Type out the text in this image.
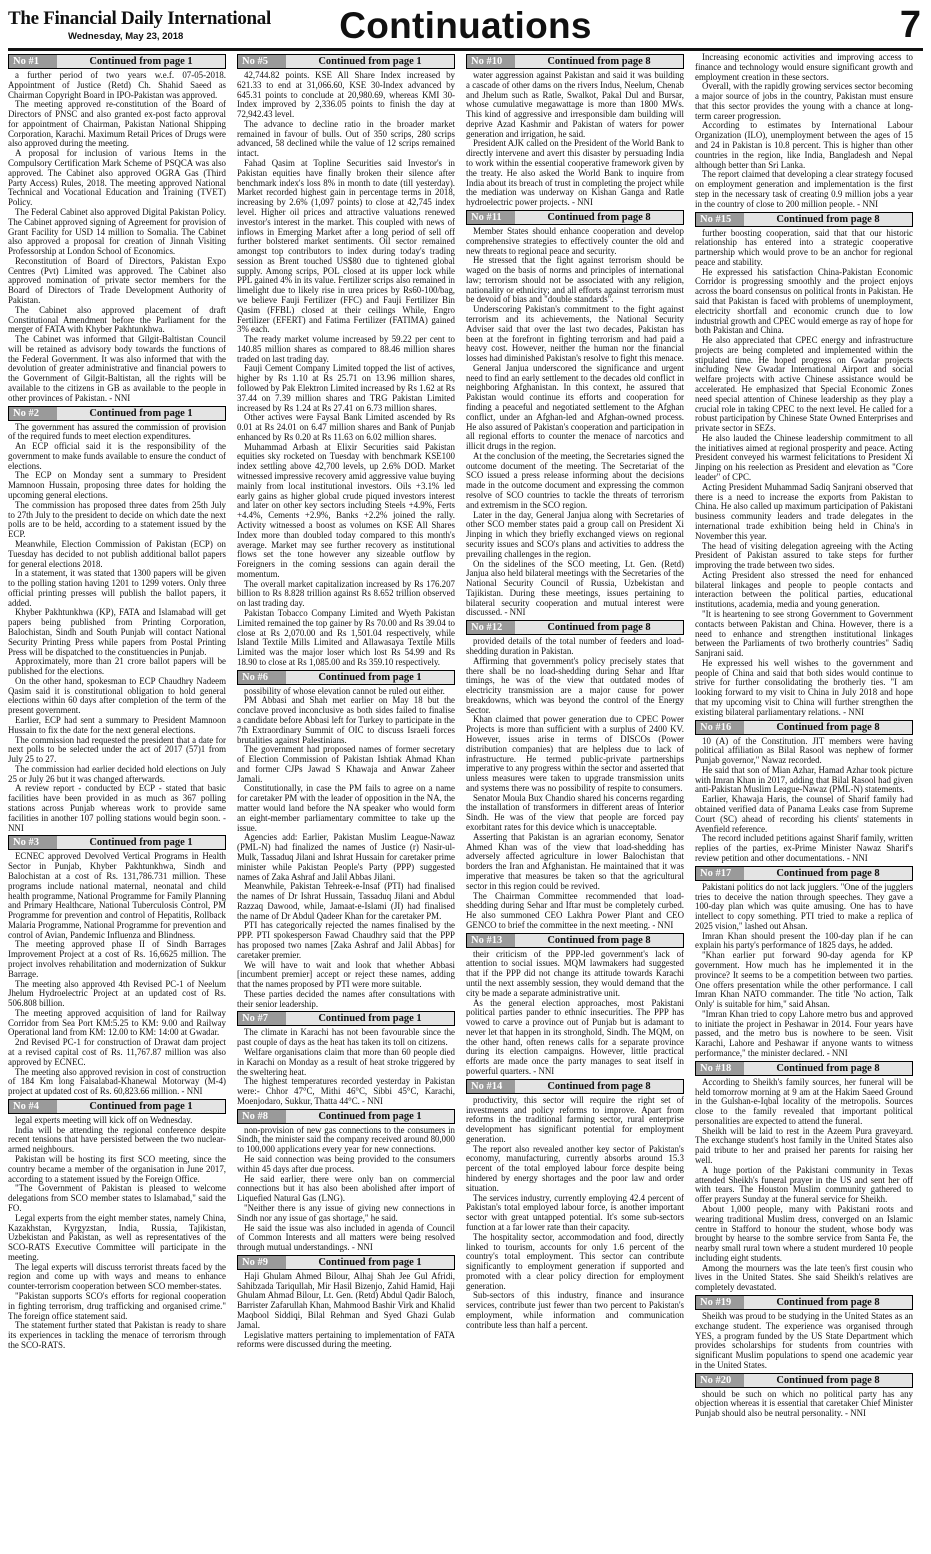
The Financial Daily International
Wednesday, May 23, 2018	Continuations	7
No #1	Continued from page 1

a further period of two years w.e.f. 07-05-2018. Appointment of Justice (Retd) Ch. Shahid Saeed as Chairman Copyright Board in IPO-Pakistan was approved.

The meeting approved re-constitution of the Board of Directors of PNSC and also granted ex-post facto approval for appointment of Chairman, Pakistan National Shipping Corporation, Karachi. Maximum Retail Prices of Drugs were also approved during the meeting.

A proposal for inclusion of various Items in the Compulsory Certification Mark Scheme of PSQCA was also approved. The Cabinet also approved OGRA Gas (Third Party Access) Rules, 2018. The meeting approved National Technical and Vocational Education and Training (TVET) Policy.

The Federal Cabinet also approved Digital Pakistan Policy. The Cabinet approved signing of Agreement for provision of Grant Facility for USD 14 million to Somalia. The Cabinet also approved a proposal for creation of Jinnah Visiting Professorship at London School of Economics.

Reconstitution of Board of Directors, Pakistan Expo Centres (Pvt) Limited was approved. The Cabinet also approved nomination of private sector members for the Board of Directors of Trade Development Authority of Pakistan.

The Cabinet also approved placement of draft Constitutional Amendment before the Parliament for the merger of FATA with Khyber Pakhtunkhwa.

The Cabinet was informed that Gilgit-Baltistan Council will be retained as advisory body towards the functions of the Federal Government. It was also informed that with the devolution of greater administrative and financial powers to the Government of Gilgit-Baltistan, all the rights will be available to the citizens in GB as available to the people in other provinces of Pakistan. - NNI

No #2	Continued from page 1

The government has assured the commission of provision of the required funds to meet election expenditures.

An ECP official said it is the responsibility of the government to make funds available to ensure the conduct of elections.

The ECP on Monday sent a summary to President Mamnoon Hussain, proposing three dates for holding the upcoming general elections.

The commission has proposed three dates from 25th July to 27th July to the president to decide on which date the next polls are to be held, according to a statement issued by the ECP.

Meanwhile, Election Commission of Pakistan (ECP) on Tuesday has decided to not publish additional ballot papers for general elections 2018.

In a statement, it was stated that 1300 papers will be given to the polling station having 1201 to 1299 voters. Only three official printing presses will publish the ballot papers, it added.

Khyber Pakhtunkhwa (KP), FATA and Islamabad will get papers being published from Printing Corporation, Balochistan, Sindh and South Punjab will contact National Security Printing Press while papers from Postal Printing Press will be dispatched to the constituencies in Punjab.

Approximately, more than 21 crore ballot papers will be published for the elections.

On the other hand, spokesman to ECP Chaudhry Nadeem Qasim said it is constitutional obligation to hold general elections within 60 days after completion of the term of the present government.

Earlier, ECP had sent a summary to President Mamnoon Hussain to fix the date for the next general elections.

The commission had requested the president that a date for next polls to be selected under the act of 2017 (57)1 from July 25 to 27.

The commission had earlier decided hold elections on July 25 or July 26 but it was changed afterwards.

A review report - conducted by ECP - stated that basic facilities have been provided in as much as 367 polling stations across Punjab whereas work to provide same facilities in another 107 polling stations would begin soon. - NNI

No #3	Continued from page 1

ECNEC approved Devolved Vertical Programs in Health Sector in Punjab, Khyber Pakhtunkhwa, Sindh and Balochistan at a cost of Rs. 131,786.731 million. These programs include national maternal, neonatal and child health programme, National Programme for Family Planning and Primary Healthcare, National Tuberculosis Control, PM Programme for prevention and control of Hepatitis, Rollback Malaria Programme, National Programme for prevention and control of Avian, Pandemic Influenza and Blindness.

The meeting approved phase II of Sindh Barrages Improvement Project at a cost of Rs. 16,6625 million. The project involves rehabilitation and modernization of Sukkur Barrage.

The meeting also approved 4th Revised PC-1 of Neelum Jhelum Hydroelectric Project at an updated cost of Rs. 506.808 billion.

The meeting approved acquisition of land for Railway Corridor from Sea Port KM:5.25 to KM: 9.00 and Railway Operational land from KM: 12.00 to KM: 14:00 at Gwadar.

2nd Revised PC-1 for construction of Drawat dam project at a revised capital cost of Rs. 11,767.87 million was also approved by ECNEC.

The meeting also approved revision in cost of construction of 184 Km long Faisalabad-Khanewal Motorway (M-4) project at updated cost of Rs. 60,823.66 million. - NNI

No #4	Continued from page 1

legal experts meeting will kick off on Wednesday.

India will be attending the regional conference despite recent tensions that have persisted between the two nuclear-armed neighbours.

Pakistan will be hosting its first SCO meeting, since the country became a member of the organisation in June 2017, according to a statement issued by the Foreign Office.

"The Government of Pakistan is pleased to welcome delegations from SCO member states to Islamabad," said the FO.

Legal experts from the eight member states, namely China, Kazakhstan, Kyrgyzstan, India, Russia, Tajikistan, Uzbekistan and Pakistan, as well as representatives of the SCO-RATS Executive Committee will participate in the meeting.

The legal experts will discuss terrorist threats faced by the region and come up with ways and means to enhance counter-terrorism cooperation between SCO member-states.

"Pakistan supports SCO's efforts for regional cooperation in fighting terrorism, drug trafficking and organised crime." The foreign office statement said.

The statement further stated that Pakistan is ready to share its experiences in tackling the menace of terrorism through the SCO-RATS.

No #5	Continued from page 1

42,744.82 points. KSE All Share Index increased by 621.33 to end at 31,066.60, KSE 30-Index advanced by 645.31 points to conclude at 20,980.69, whereas KMI 30-Index improved by 2,336.05 points to finish the day at 72,942.43 level.

The advance to decline ratio in the broader market remained in favour of bulls. Out of 350 scrips, 280 scrips advanced, 58 declined while the value of 12 scrips remained intact.

Fahad Qasim at Topline Securities said Investor's in Pakistan equities have finally broken their silence after benchmark index's loss 8% in month to date (till yesterday). Market recorded highest gain in percentage terms in 2018, increasing by 2.6% (1,097 points) to close at 42,745 index level. Higher oil prices and attractive valuations renewed investor's interest in the market. This coupled with news of inflows in Emerging Market after a long period of sell off further bolstered market sentiments. Oil sector remained amongst top contributors to index during today's trading session as Brent touched US$80 due to tightened global supply. Among scrips, POL closed at its upper lock while PPL gained 4% in its value. Fertilizer scrips also remained in limelight due to likely rise in urea prices by Rs60-100/bag, we believe Fauji Fertilizer (FFC) and Fauji Fertilizer Bin Qasim (FFBL) closed at their ceilings While, Engro Fertilizer (EFERT) and Fatima Fertilizer (FATIMA) gained 3% each.

The ready market volume increased by 59.22 per cent to 140.85 million shares as compared to 88.46 million shares traded on last trading day.

Fauji Cement Company Limited topped the list of actives, higher by Rs 1.10 at Rs 25.71 on 13.96 million shares, followed by Pak Elektron Limited increased by Rs 1.62 at Rs 37.44 on 7.39 million shares and TRG Pakistan Limited increased by Rs 1.24 at Rs 27.41 on 6.73 million shares.

Other actives were Faysal Bank Limited ascended by Rs 0.01 at Rs 24.01 on 6.47 million shares and Bank of Punjab enhanced by Rs 0.20 at Rs 11.63 on 6.02 million shares.

Muhammad Arbash at Elixir Securities said Pakistan equities sky rocketed on Tuesday with benchmark KSE100 index settling above 42,700 levels, up 2.6% DOD. Market witnessed impressive recovery amid aggressive value buying mainly from local institutional investors. Oils +3.1% led early gains as higher global crude piqued investors interest and later on other key sectors including Steels +4.9%, Ferts +4.4%, Cements +2.9%, Banks +2.2% joined the rally. Activity witnessed a boost as volumes on KSE All Shares Index more than doubled today compared to this month's average. Market may see further recovery as institutional flows set the tone however any sizeable outflow by Foreigners in the coming sessions can again derail the momentum.

The overall market capitalization increased by Rs 176.207 billion to Rs 8.828 trillion against Rs 8.652 trillion observed on last trading day.

Pakistan Tobacco Company Limited and Wyeth Pakistan Limited remained the top gainer by Rs 70.00 and Rs 39.04 to close at Rs 2,070.00 and Rs 1,501.04 respectively, while Island Textile Mills Limited and Allawasaya Textile Mills Limited was the major loser which lost Rs 54.99 and Rs 18.90 to close at Rs 1,085.00 and Rs 359.10 respectively.

No #6	Continued from page 1

possibility of whose elevation cannot be ruled out either.

PM Abbasi and Shah met earlier on May 18 but the conclave proved inconclusive as both sides failed to finalise a candidate before Abbasi left for Turkey to participate in the 7th Extraordinary Summit of OIC to discuss Israeli forces brutalities against Palestinians.

The government had proposed names of former secretary of Election Commission of Pakistan Ishtiak Ahmad Khan and former CJPs Jawad S Khawaja and Anwar Zaheer Jamali.

Constitutionally, in case the PM fails to agree on a name for caretaker PM with the leader of opposition in the NA, the matter would land before the NA speaker who would form an eight-member parliamentary committee to take up the issue.

Agencies add: Earlier, Pakistan Muslim League-Nawaz (PML-N) had finalized the names of Justice (r) Nasir-ul-Mulk, Tassaduq Jilani and Ishrat Hussain for caretaker prime minister while Pakistan People's Party (PPP) suggested names of Zaka Ashraf and Jalil Abbas Jilani.

Meanwhile, Pakistan Tehreek-e-Insaf (PTI) had finalised the names of Dr Ishrat Hussain, Tassaduq Jilani and Abdul Razzaq Dawood, while, Jamaat-e-Islami (JI) had finalised the name of Dr Abdul Qadeer Khan for the caretaker PM.

PTI has categorically rejected the names finalised by the PPP. PTI spokesperson Fawad Chaudhry said that the PPP has proposed two names [Zaka Ashraf and Jalil Abbas] for caretaker premier.

We will have to wait and look that whether Abbasi [incumbent premier] accept or reject these names, adding that the names proposed by PTI were more suitable.

These parties decided the names after consultations with their senior leadership.

No #7	Continued from page 1

The climate in Karachi has not been favourable since the past couple of days as the heat has taken its toll on citizens.

Welfare organisations claim that more than 60 people died in Karachi on Monday as a result of heat stroke triggered by the sweltering heat.

The highest temperatures recorded yesterday in Pakistan were:- Chhor 47°C, Mithi 46°C, Sibbi 45°C, Karachi, Moenjodaro, Sukkur, Thatta 44°C. - NNI

No #8	Continued from page 1

non-provision of new gas connections to the consumers in Sindh, the minister said the company received around 80,000 to 100,000 applications every year for new connections.

He said connection was being provided to the consumers within 45 days after due process.

He said earlier, there were only ban on commercial connections but it has also been abolished after import of Liquefied Natural Gas (LNG).

"Neither there is any issue of giving new connections in Sindh nor any issue of gas shortage," he said.

He said the issue was also included in agenda of Council of Common Interests and all matters were being resolved through mutual understandings. - NNI

No #9	Continued from page 1

Haji Ghulam Ahmed Bilour, Alhaj Shah Jee Gul Afridi, Sahibzada Tariqullah, Mir Hasil Bizenjo, Zahid Hamid, Haji Ghulam Ahmad Bilour, Lt. Gen. (Retd) Abdul Qadir Baloch, Barrister Zafarullah Khan, Mahmood Bashir Virk and Khalid Maqbool Siddiqi, Bilal Rehman and Syed Ghazi Gulab Jamal.

Legislative matters pertaining to implementation of FATA reforms were discussed during the meeting.

No #10	Continued from page 8

water aggression against Pakistan and said it was building a cascade of other dams on the rivers Indus, Neelum, Chenab and Jhelum such as Ratle, Swalkot, Pakal Dul and Bursar, whose cumulative megawattage is more than 1800 MWs. This kind of aggressive and irresponsible dam building will deprive Azad Kashmir and Pakistan of waters for power generation and irrigation, he said.

President AJK called on the President of the World Bank to directly intervene and avert this disaster by persuading India to work within the essential cooperative framework given by the treaty. He also asked the World Bank to inquire from India about its breach of trust in completing the project while the mediation was underway on Kishan Ganga and Ratle hydroelectric power projects. - NNI

No #11	Continued from page 8

Member States should enhance cooperation and develop comprehensive strategies to effectively counter the old and new threats to regional peace and security.

He stressed that the fight against terrorism should be waged on the basis of norms and principles of international law; terrorism should not be associated with any religion, nationality or ethnicity; and all efforts against terrorism must be devoid of bias and "double standards".

Underscoring Pakistan's commitment to the fight against terrorism and its achievements, the National Security Adviser said that over the last two decades, Pakistan has been at the forefront in fighting terrorism and had paid a heavy cost. However, neither the human nor the financial losses had diminished Pakistan's resolve to fight this menace.

General Janjua underscored the significance and urgent need to find an early settlement to the decades old conflict in neighboring Afghanistan. In this context, he assured that Pakistan would continue its efforts and cooperation for finding a peaceful and negotiated settlement to the Afghan conflict, under an Afghan-led and Afghan-owned process. He also assured of Pakistan's cooperation and participation in all regional efforts to counter the menace of narcotics and illicit drugs in the region.

At the conclusion of the meeting, the Secretaries signed the outcome document of the meeting. The Secretariat of the SCO issued a press release informing about the decisions made in the outcome document and expressing the common resolve of SCO countries to tackle the threats of terrorism and extremism in the SCO region.

Later in the day, General Janjua along with Secretaries of other SCO member states paid a group call on President Xi Jinping in which they briefly exchanged views on regional security issues and SCO's plans and activities to address the prevailing challenges in the region.

On the sidelines of the SCO meeting, Lt. Gen. (Retd) Janjua also held bilateral meetings with the Secretaries of the National Security Council of Russia, Uzbekistan and Tajikistan. During these meetings, issues pertaining to bilateral security cooperation and mutual interest were discussed. - NNI

No #12	Continued from page 8

provided details of the total number of feeders and load-shedding duration in Pakistan.

Affirming that government's policy precisely states that there shall be no load-shedding during Sehar and Iftar timings, he was of the view that outdated modes of electricity transmission are a major cause for power breakdowns, which was beyond the control of the Energy Sector.

Khan claimed that power generation due to CPEC Power Projects is more than sufficient with a surplus of 2400 KV. However, issues arise in terms of DISCOs (Power distribution companies) that are helpless due to lack of infrastructure. He termed public-private partnerships imperative to any progress within the sector and asserted that unless measures were taken to upgrade transmission units and systems there was no possibility of respite to consumers.

Senator Moula Bux Chandio shared his concerns regarding the installation of transformers in different areas of Interior Sindh. He was of the view that people are forced pay exorbitant rates for this device which is unacceptable.

Asserting that Pakistan is an agrarian economy, Senator Ahmed Khan was of the view that load-shedding has adversely affected agriculture in lower Balochistan that borders the Iran and Afghanistan. He maintained that it was imperative that measures be taken so that the agricultural sector in this region could be revived.

The Chairman Committee recommended that load-shedding during Sehar and Iftar must be completely curbed. He also summoned CEO Lakhra Power Plant and CEO GENCO to brief the committee in the next meeting. - NNI

No #13	Continued from page 8

their criticism of the PPP-led government's lack of attention to social issues. MQM lawmakers had suggested that if the PPP did not change its attitude towards Karachi until the next assembly session, they would demand that the city be made a separate administrative unit.

As the general election approaches, most Pakistani political parties pander to ethnic insecurities. The PPP has vowed to carve a province out of Punjab but is adamant to never let that happen in its stronghold, Sindh. The MQM, on the other hand, often renews calls for a separate province during its election campaigns. However, little practical efforts are made once the party manages to seat itself in powerful quarters. - NNI

No #14	Continued from page 8

productivity, this sector will require the right set of investments and policy reforms to improve. Apart from reforms in the traditional farming sector, rural enterprise development has significant potential for employment generation.

The report also revealed another key sector of Pakistan's economy, manufacturing, currently absorbs around 15.3 percent of the total employed labour force despite being hindered by energy shortages and the poor law and order situation.

The services industry, currently employing 42.4 percent of Pakistan's total employed labour force, is another important sector with great untapped potential. It's some sub-sectors function at a far lower rate than their capacity.

The hospitality sector, accommodation and food, directly linked to tourism, accounts for only 1.6 percent of the country's total employment. This sector can contribute significantly to employment generation if supported and promoted with a clear policy direction for employment generation.

Sub-sectors of this industry, finance and insurance services, contribute just fewer than two percent to Pakistan's employment, while information and communication contribute less than half a percent.

Increasing economic activities and improving access to finance and technology would ensure significant growth and employment creation in these sectors.

Overall, with the rapidly growing services sector becoming a major source of jobs in the country, Pakistan must ensure that this sector provides the young with a chance at long-term career progression.

According to estimates by International Labour Organization (ILO), unemployment between the ages of 15 and 24 in Pakistan is 10.8 percent. This is higher than other countries in the region, like India, Bangladesh and Nepal although better than Sri Lanka.

The report claimed that developing a clear strategy focused on employment generation and implementation is the first step in the necessary task of creating 0.9 million jobs a year in the country of close to 200 million people. - NNI

No #15	Continued from page 8

further boosting cooperation, said that that our historic relationship has entered into a strategic cooperative partnership which would prove to be an anchor for regional peace and stability.

He expressed his satisfaction China-Pakistan Economic Corridor is progressing smoothly and the project enjoys across the board consensus on political fronts in Pakistan. He said that Pakistan is faced with problems of unemployment, electricity shortfall and economic crunch due to low industrial growth and CPEC would emerge as ray of hope for both Pakistan and China.

He also appreciated that CPEC energy and infrastructure projects are being completed and implemented within the stipulated time. He hoped progress on Gwadar projects including New Gwadar International Airport and social welfare projects with active Chinese assistance would be accelerated. He emphasized that Special Economic Zones need special attention of Chinese leadership as they play a crucial role in taking CPEC to the next level. He called for a robust participation by Chinese State Owned Enterprises and private sector in SEZs.

He also lauded the Chinese leadership commitment to all the initiatives aimed at regional prosperity and peace. Acting President conveyed his warmest felicitations to President Xi Jinping on his reelection as President and elevation as "Core leader" of CPC.

Acting President Muhammad Sadiq Sanjrani observed that there is a need to increase the exports from Pakistan to China. He also called up maximum participation of Pakistani business community leaders and trade delegates in the international trade exhibition being held in China's in November this year.

The head of visiting delegation agreeing with the Acting President of Pakistan assured to take steps for further improving the trade between two sides.

Acting President also stressed the need for enhanced bilateral linkages and people to people contacts and interaction between the political parties, educational institutions, academia, media and young generation.

"It is heartening to see strong Government to Government contacts between Pakistan and China. However, there is a need to enhance and strengthen institutional linkages between the Parliaments of two brotherly countries" Sadiq Sanjrani said.

He expressed his well wishes to the government and people of China and said that both sides would continue to strive for further consolidating the brotherly ties. "I am looking forward to my visit to China in July 2018 and hope that my upcoming visit to China will further strengthen the existing bilateral parliamentary relations. - NNI

No #16	Continued from page 8

10 (A) of the Constitution. JIT members were having political affiliation as Bilal Rasool was nephew of former Punjab governor," Nawaz recorded.

He said that son of Mian Azhar, Hamad Azhar took picture with Imran Khan in 2017, adding that Bilal Rasool had given anti-Pakistan Muslim League-Nawaz (PML-N) statements.

Earlier, Khawaja Haris, the counsel of Sharif family had obtained verified data of Panama Leaks case from Supreme Court (SC) ahead of recording his clients' statements in Avenfield reference.

The record included petitions against Sharif family, written replies of the parties, ex-Prime Minister Nawaz Sharif's review petition and other documentations. - NNI

No #17	Continued from page 8

Pakistani politics do not lack jugglers. "One of the jugglers tries to deceive the nation through speeches. They gave a 100-day plan which was quite amusing. One has to have intellect to copy something. PTI tried to make a replica of 2025 vision," lashed out Ahsan.

Imran Khan should present the 100-day plan if he can explain his party's performance of 1825 days, he added.

"Khan earlier put forward 90-day agenda for KP government. How much has he implemented it in the province? It seems to be a competition between two parties. One offers presentation while the other performance. I call Imran Khan NATO commander. The title 'No action, Talk Only' is suitable for him," said Ahsan.

"Imran Khan tried to copy Lahore metro bus and approved to initiate the project in Peshawar in 2014. Four years have passed, and the metro bus is nowhere to be seen. Visit Karachi, Lahore and Peshawar if anyone wants to witness performance," the minister declared. - NNI

No #18	Continued from page 8

According to Sheikh's family sources, her funeral will be held tomorrow morning at 9 am at the Hakim Saeed Ground in the Gulshan-e-Iqbal locality of the metropolis. Sources close to the family revealed that important political personalities are expected to attend the funeral.

Sheikh will be laid to rest in the Azeem Pura graveyard. The exchange student's host family in the United States also paid tribute to her and praised her parents for raising her well.

A huge portion of the Pakistani community in Texas attended Sheikh's funeral prayer in the US and sent her off with tears. The Houston Muslim community gathered to offer prayers Sunday at the funeral service for Sheikh.

About 1,000 people, many with Pakistani roots and wearing traditional Muslim dress, converged on an Islamic centre in Stafford to honour the student, whose body was brought by hearse to the sombre service from Santa Fe, the nearby small rural town where a student murdered 10 people including eight students.

Among the mourners was the late teen's first cousin who lives in the United States. She said Sheikh's relatives are completely devastated.

No #19	Continued from page 8

Sheikh was proud to be studying in the United States as an exchange student. The experience was organised through YES, a program funded by the US State Department which provides scholarships for students from countries with significant Muslim populations to spend one academic year in the United States.

No #20	Continued from page 8

should be such on which no political party has any objection whereas it is essential that caretaker Chief Minister Punjab should also be neutral personality. - NNI
